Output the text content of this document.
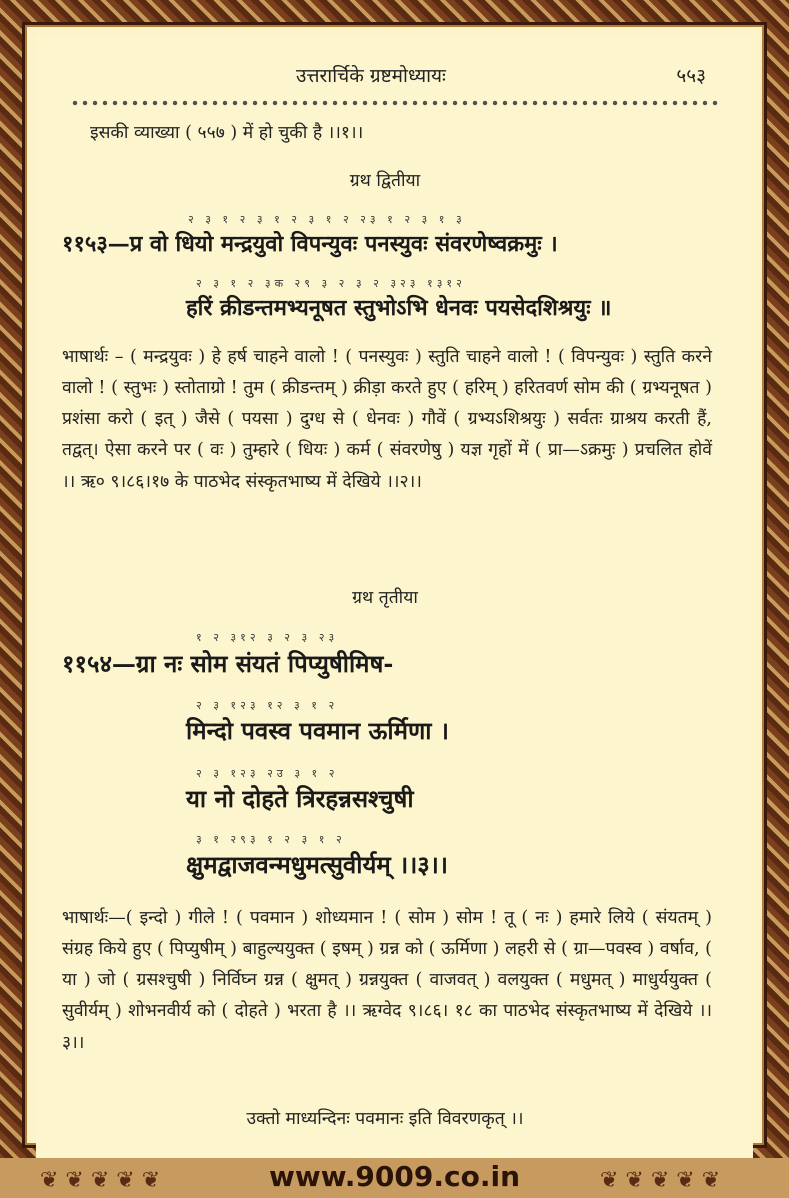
उत्तरार्चिके ग्रष्टमोध्यायः	५५३
इसकी व्याख्या ( ५५७ ) में हो चुकी है ।।१।।
ग्रथ द्वितीया
२ ३ १ २ ३ १ २ ३ १ २ २३ १ २ ३ १ ३
११५३—प्र वो धियो मन्द्रयुवो विपन्युवः पनस्युवः संवरणेष्वक्रमुः ।
२ ३ १ २ ३क २९ ३ २ ३ २ ३२३ १३१२
हरिं क्रीडन्तमभ्यनूषत स्तुभोऽभि धेनवः पयसेदशिश्रयुः ॥
भाषार्थः – ( मन्द्रयुवः ) हे हर्ष चाहने वालो ! ( पनस्युवः ) स्तुति चाहने वालो ! ( विपन्युवः ) स्तुति करने वालो ! ( स्तुभः ) स्तोताग्रो ! तुम ( क्रीडन्तम् ) क्रीड़ा करते हुए ( हरिम् ) हरितवर्ण सोम की ( ग्रभ्यनूषत ) प्रशंसा करो ( इत् ) जैसे ( पयसा ) दुग्ध से ( धेनवः ) गौवें ( ग्रभ्यऽशिश्रयुः ) सर्वतः ग्राश्रय करती हैं, तद्वत्। ऐसा करने पर ( वः ) तुम्हारे ( धियः ) कर्म ( संवरणेषु ) यज्ञ गृहों में ( प्रा—ऽक्रमुः ) प्रचलित होवें ।। ऋ० ९।८६।१७ के पाठभेद संस्कृतभाष्य में देखिये ।।२।।
ग्रथ तृतीया
१ २ ३१२ ३ २ ३ २३
११५४—ग्रा नः सोम संयतं पिप्युषीमिष-
२ ३ १२३ १२ ३ १ २
मिन्दो पवस्व पवमान ऊर्मिणा ।
२ ३ १२३ २उ ३ १ २
या नो दोहते त्रिरहन्नसश्चुषी
३ १ २९३ १ २ ३ १ २
क्षुमद्वाजवन्मधुमत्सुवीर्यम् ।।३।।
भाषार्थः—( इन्दो ) गीले ! ( पवमान ) शोध्यमान ! ( सोम ) सोम ! तू ( नः ) हमारे लिये ( संयतम् ) संग्रह किये हुए ( पिप्युषीम् ) बाहुल्ययुक्त ( इषम् ) ग्रन्न को ( ऊर्मिणा ) लहरी से ( ग्रा—पवस्व ) वर्षाव, ( या ) जो ( ग्रसश्चुषी ) निर्विघ्न ग्रन्न ( क्षुमत् ) ग्रन्नयुक्त ( वाजवत् ) वलयुक्त ( मधुमत् ) माधुर्ययुक्त ( सुवीर्यम् ) शोभनवीर्य को ( दोहते ) भरता है ।। ऋग्वेद ९।८६। १८ का पाठभेद संस्कृतभाष्य में देखिये ।।३।।
उक्तो माध्यन्दिनः पवमानः इति विवरणकृत् ।।
❦ ❦ ❦ ❦ ❦	❦ ❦ ❦ ❦ ❦
www.9009.co.in
